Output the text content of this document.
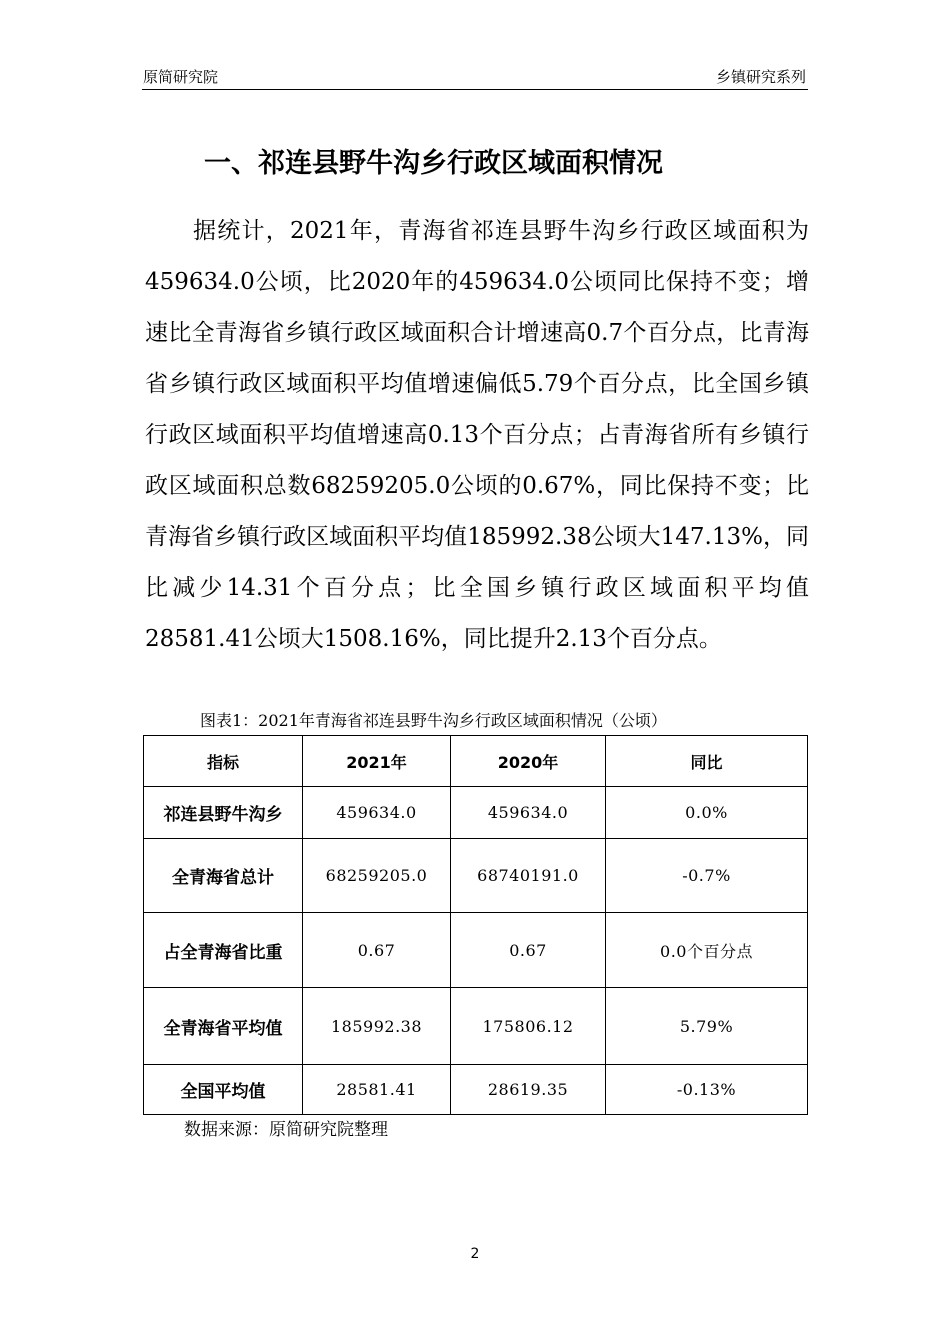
原简研究院	乡镇研究系列
一、祁连县野牛沟乡行政区域面积情况

据统计，2021年，青海省祁连县野牛沟乡行政区域面积为459634.0公顷，比2020年的459634.0公顷同比保持不变；增速比全青海省乡镇行政区域面积合计增速高0.7个百分点，比青海省乡镇行政区域面积平均值增速偏低5.79个百分点，比全国乡镇行政区域面积平均值增速高0.13个百分点；占青海省所有乡镇行政区域面积总数68259205.0公顷的0.67%，同比保持不变；比青海省乡镇行政区域面积平均值185992.38公顷大147.13%，同比减少14.31个百分点；比全国乡镇行政区域面积平均值28581.41公顷大1508.16%，同比提升2.13个百分点。

图表1：2021年青海省祁连县野牛沟乡行政区域面积情况（公顷）
指标	2021年	2020年	同比
祁连县野牛沟乡	459634.0	459634.0	0.0%
全青海省总计	68259205.0	68740191.0	-0.7%
占全青海省比重	0.67	0.67	0.0个百分点
全青海省平均值	185992.38	175806.12	5.79%
全国平均值	28581.41	28619.35	-0.13%
数据来源：原简研究院整理
2
